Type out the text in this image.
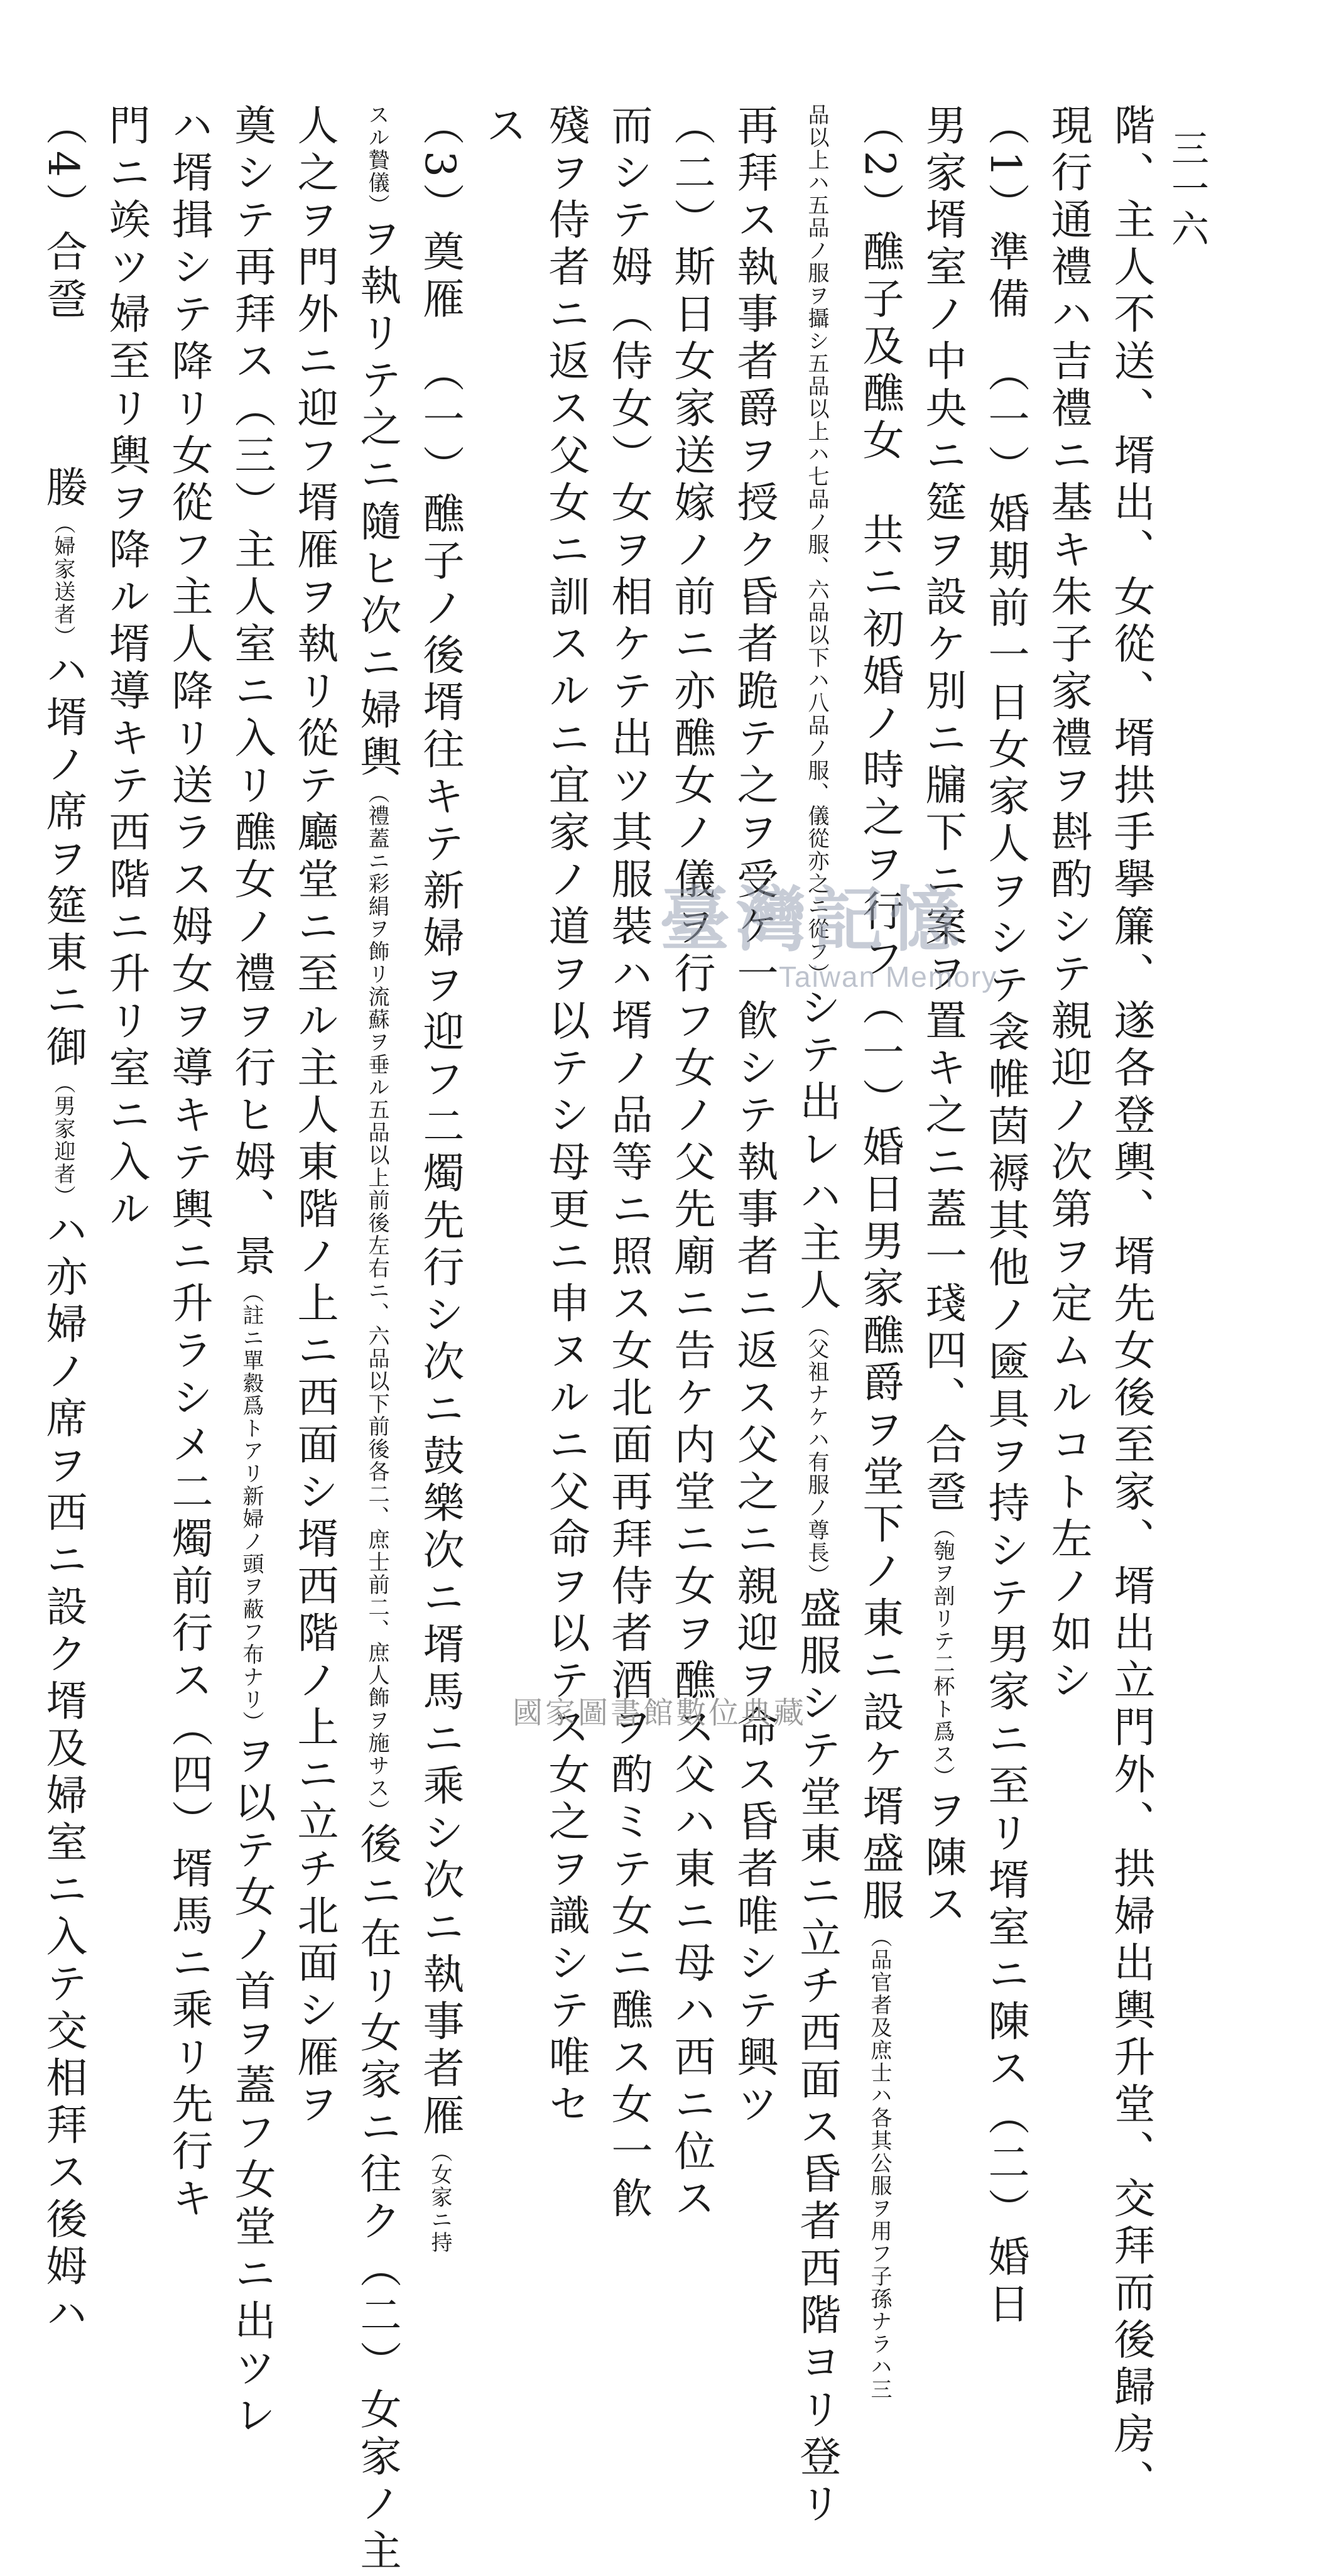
三一六
階、主人不送、壻出、女從、壻拱手擧簾、遂各登輿、壻先女後至家、壻出立門外、拱婦出輿升堂、交拜而後歸房、
現行通禮ハ吉禮ニ基キ朱子家禮ヲ斟酌シテ親迎ノ次第ヲ定ムルコト左ノ如シ
（1）準備　（一）婚期前一日女家人ヲシテ衾帷茵褥其他ノ匳具ヲ持シテ男家ニ至リ壻室ニ陳ス（二）婚日
男家壻室ノ中央ニ筵ヲ設ケ別ニ牖下ニ案ヲ置キ之ニ蓋一琖四、合巹（匏ヲ剖リテ二杯ト爲ス）ヲ陳ス
（2）醮子及醮女　共ニ初婚ノ時之ヲ行フ（一）婚日男家醮爵ヲ堂下ノ東ニ設ケ壻盛服（品官者及庶士ハ各其公服ヲ用フ子孫ナラハ三
品以上ハ五品ノ服ヲ攝シ五品以上ハ七品ノ服、六品以下ハ八品ノ服、儀從亦之ニ從フ）シテ出レハ主人（父祖ナケハ有服ノ尊長）盛服シテ堂東ニ立チ西面ス昏者西階ヨリ登リ
再拜ス執事者爵ヲ授ク昏者跪テ之ヲ受ケ一飮シテ執事者ニ返ス父之ニ親迎ヲ命ス昏者唯シテ興ツ
（二）斯日女家送嫁ノ前ニ亦醮女ノ儀ヲ行フ女ノ父先廟ニ告ケ内堂ニ女ヲ醮ス父ハ東ニ母ハ西ニ位ス
而シテ姆（侍女）女ヲ相ケテ出ツ其服裝ハ壻ノ品等ニ照ス女北面再拜侍者酒ヲ酌ミテ女ニ醮ス女一飮
殘ヲ侍者ニ返ス父女ニ訓スルニ宜家ノ道ヲ以テシ母更ニ申ヌルニ父命ヲ以テス女之ヲ識シテ唯セ
ス
（3）奠雁　（一）醮子ノ後壻往キテ新婦ヲ迎フ二燭先行シ次ニ鼓樂次ニ壻馬ニ乘シ次ニ執事者雁（女家ニ持
スル贄儀）ヲ執リテ之ニ隨ヒ次ニ婦輿（禮蓋ニ彩絹ヲ飾リ流蘇ヲ垂ル五品以上前後左右ニ、六品以下前後各二、庶士前二、庶人飾ヲ施サス）後ニ在リ女家ニ往ク（二）女家ノ主
人之ヲ門外ニ迎フ壻雁ヲ執リ從テ廳堂ニ至ル主人東階ノ上ニ西面シ壻西階ノ上ニ立チ北面シ雁ヲ
奠シテ再拜ス（三）主人室ニ入リ醮女ノ禮ヲ行ヒ姆、景（註ニ單縠爲トアリ新婦ノ頭ヲ蔽フ布ナリ）ヲ以テ女ノ首ヲ蓋フ女堂ニ出ツレ
ハ壻揖シテ降リ女從フ主人降リ送ラス姆女ヲ導キテ輿ニ升ラシメ二燭前行ス（四）壻馬ニ乘リ先行キ
門ニ竢ツ婦至リ輿ヲ降ル壻導キテ西階ニ升リ室ニ入ル
（4）合巹　　　媵（婦家送者）ハ壻ノ席ヲ筵東ニ御（男家迎者）ハ亦婦ノ席ヲ西ニ設ク壻及婦室ニ入テ交相拜ス後姆ハ
臺灣記憶
Taiwan Memory
國家圖書館數位典藏
